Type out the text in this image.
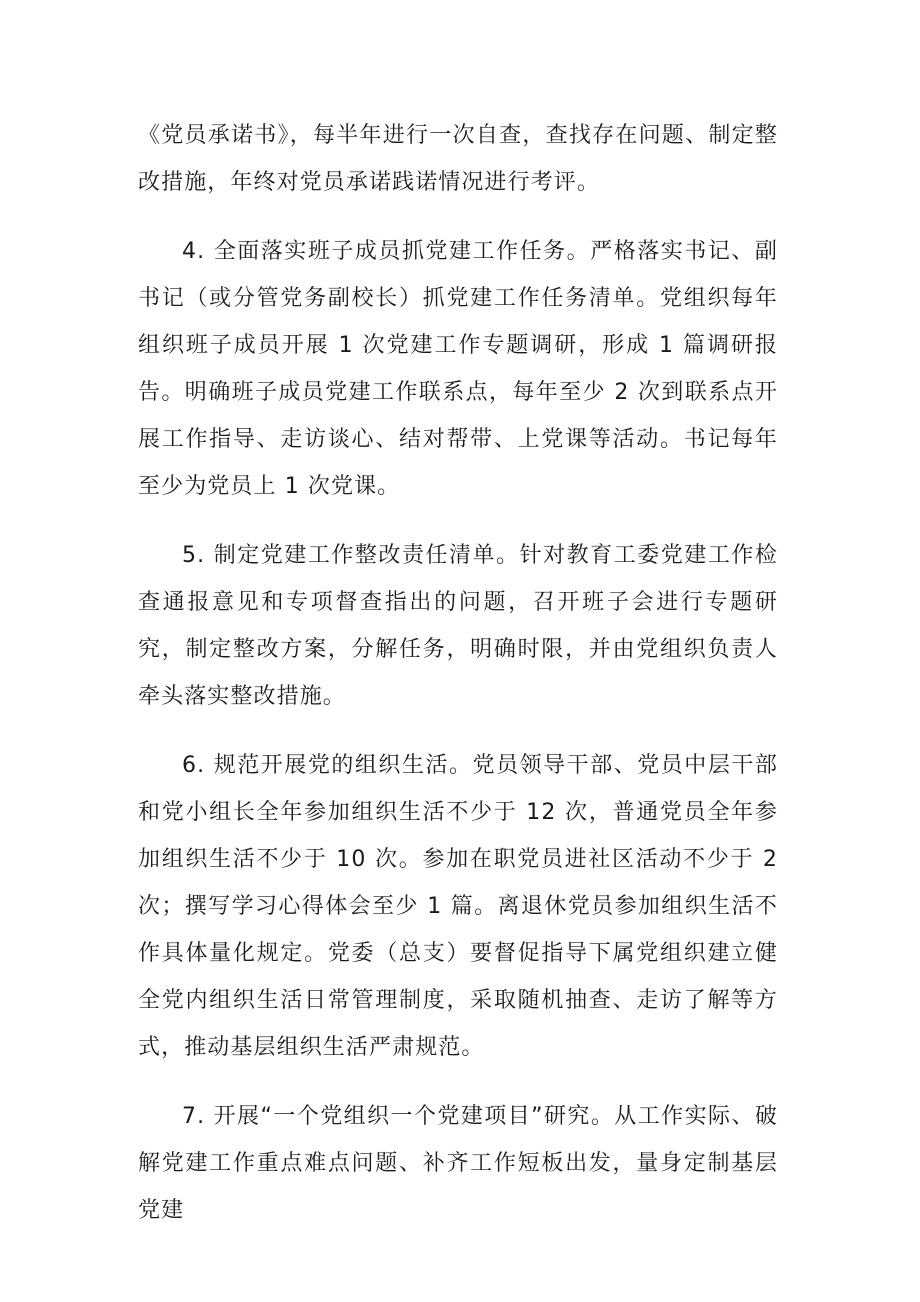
《党员承诺书》，每半年进行一次自查，查找存在问题、制定整改措施，年终对党员承诺践诺情况进行考评。

4. 全面落实班子成员抓党建工作任务。严格落实书记、副书记（或分管党务副校长）抓党建工作任务清单。党组织每年组织班子成员开展 1 次党建工作专题调研，形成 1 篇调研报告。明确班子成员党建工作联系点，每年至少 2 次到联系点开展工作指导、走访谈心、结对帮带、上党课等活动。书记每年至少为党员上 1 次党课。

5. 制定党建工作整改责任清单。针对教育工委党建工作检查通报意见和专项督查指出的问题，召开班子会进行专题研究，制定整改方案，分解任务，明确时限，并由党组织负责人牵头落实整改措施。

6. 规范开展党的组织生活。党员领导干部、党员中层干部和党小组长全年参加组织生活不少于 12 次，普通党员全年参加组织生活不少于 10 次。参加在职党员进社区活动不少于 2 次；撰写学习心得体会至少 1 篇。离退休党员参加组织生活不作具体量化规定。党委（总支）要督促指导下属党组织建立健全党内组织生活日常管理制度，采取随机抽查、走访了解等方式，推动基层组织生活严肃规范。

7. 开展“一个党组织一个党建项目”研究。从工作实际、破解党建工作重点难点问题、补齐工作短板出发，量身定制基层党建
